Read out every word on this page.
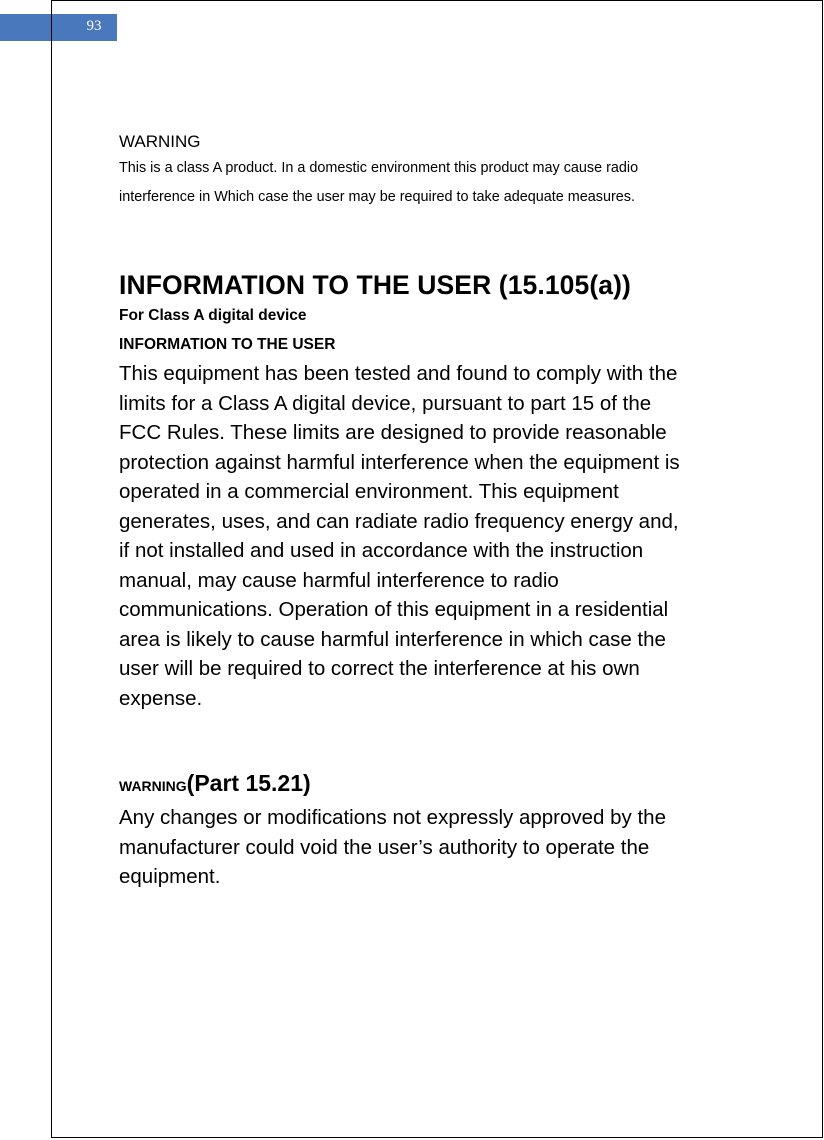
93

WARNING

This is a class A product. In a domestic environment this product may cause radio

interference in Which case the user may be required to take adequate measures.

INFORMATION TO THE USER (15.105(a))

For Class A digital device

INFORMATION TO THE USER

This equipment has been tested and found to comply with the

limits for a Class A digital device, pursuant to part 15 of the

FCC Rules. These limits are designed to provide reasonable

protection against harmful interference when the equipment is

operated in a commercial environment. This equipment

generates, uses, and can radiate radio frequency energy and,

if not installed and used in accordance with the instruction

manual, may cause harmful interference to radio

communications. Operation of this equipment in a residential

area is likely to cause harmful interference in which case the

user will be required to correct the interference at his own

expense.

WARNING(Part 15.21)

Any changes or modifications not expressly approved by the

manufacturer could void the user’s authority to operate the

equipment.
